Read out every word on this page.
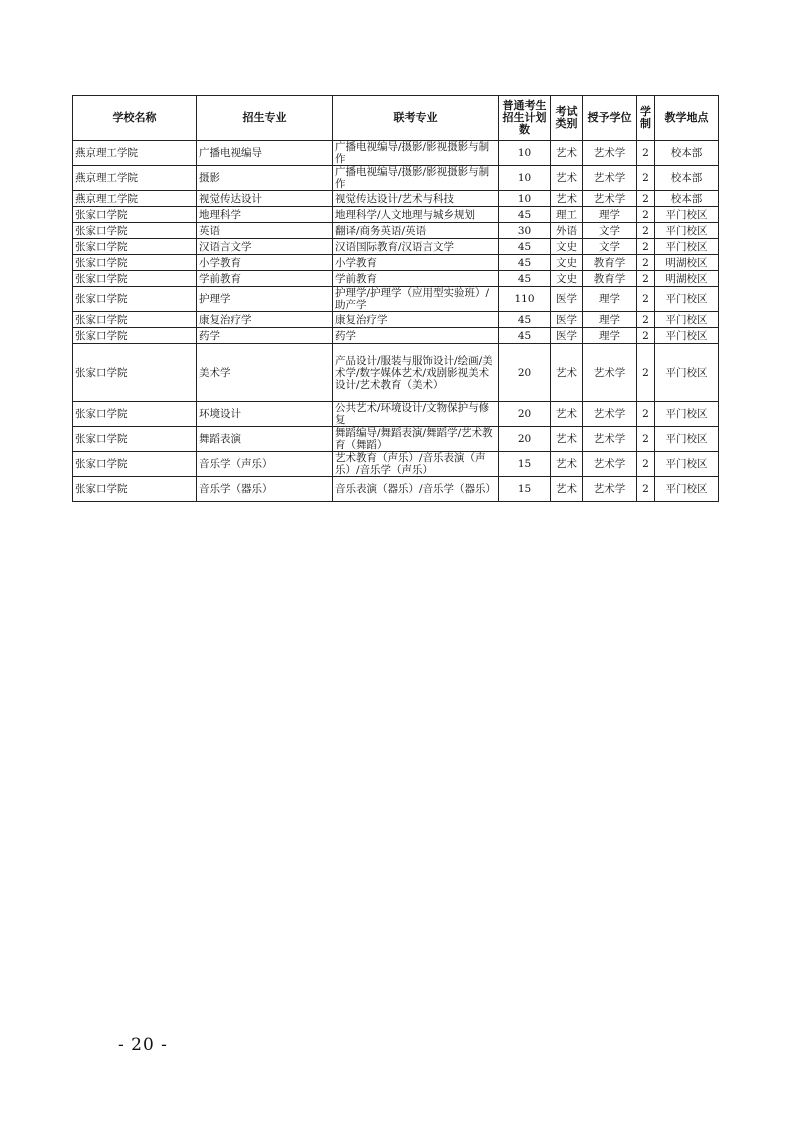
学校名称	招生专业	联考专业	普通考生招生计划数	考试类别	授予学位	学制	教学地点
燕京理工学院	广播电视编导	广播电视编导/摄影/影视摄影与制作	10	艺术	艺术学	2	校本部
燕京理工学院	摄影	广播电视编导/摄影/影视摄影与制作	10	艺术	艺术学	2	校本部
燕京理工学院	视觉传达设计	视觉传达设计/艺术与科技	10	艺术	艺术学	2	校本部
张家口学院	地理科学	地理科学/人文地理与城乡规划	45	理工	理学	2	平门校区
张家口学院	英语	翻译/商务英语/英语	30	外语	文学	2	平门校区
张家口学院	汉语言文学	汉语国际教育/汉语言文学	45	文史	文学	2	平门校区
张家口学院	小学教育	小学教育	45	文史	教育学	2	明湖校区
张家口学院	学前教育	学前教育	45	文史	教育学	2	明湖校区
张家口学院	护理学	护理学/护理学（应用型实验班）/助产学	110	医学	理学	2	平门校区
张家口学院	康复治疗学	康复治疗学	45	医学	理学	2	平门校区
张家口学院	药学	药学	45	医学	理学	2	平门校区
张家口学院	美术学	产品设计/服装与服饰设计/绘画/美术学/数字媒体艺术/戏剧影视美术设计/艺术教育（美术）	20	艺术	艺术学	2	平门校区
张家口学院	环境设计	公共艺术/环境设计/文物保护与修复	20	艺术	艺术学	2	平门校区
张家口学院	舞蹈表演	舞蹈编导/舞蹈表演/舞蹈学/艺术教育（舞蹈）	20	艺术	艺术学	2	平门校区
张家口学院	音乐学（声乐）	艺术教育（声乐）/音乐表演（声乐）/音乐学（声乐）	15	艺术	艺术学	2	平门校区
张家口学院	音乐学（器乐）	音乐表演（器乐）/音乐学（器乐）	15	艺术	艺术学	2	平门校区
- 20 -
